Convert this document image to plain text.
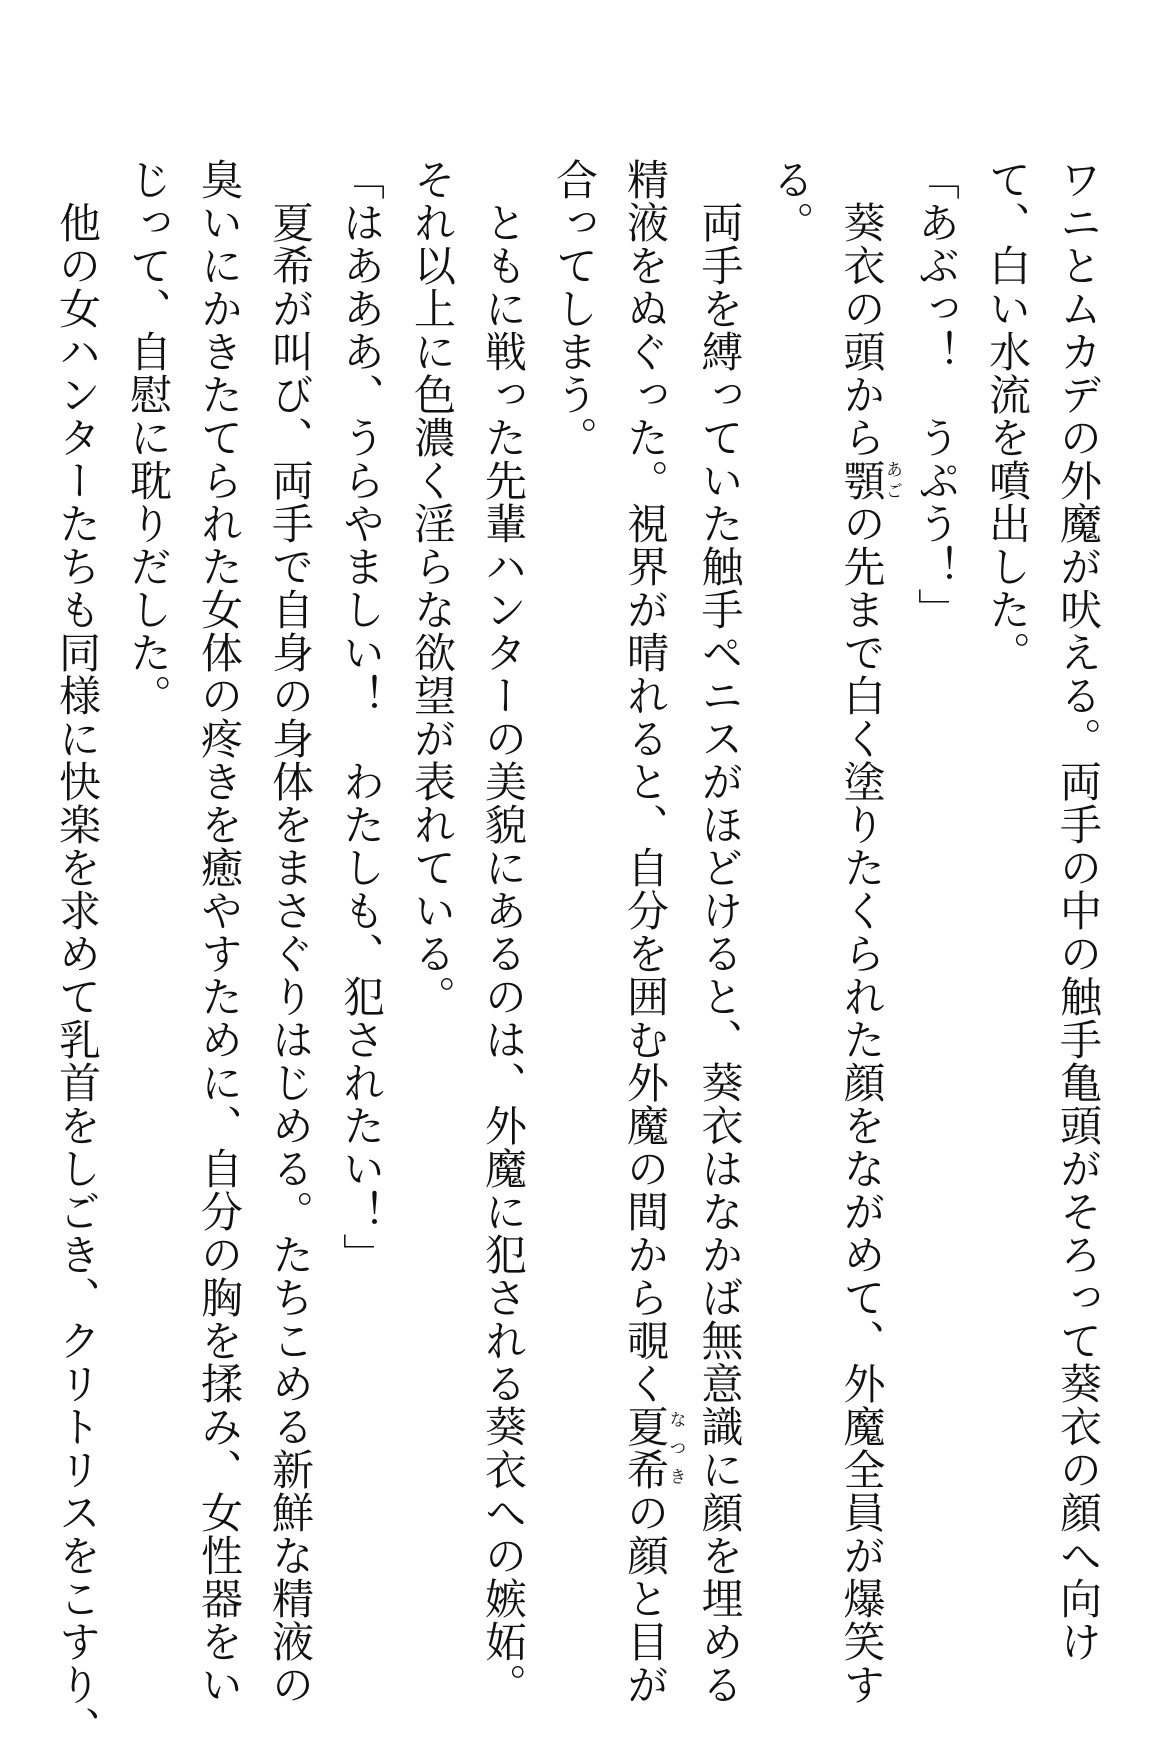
ワニとムカデの外魔が吠える。両手の中の触手亀頭がそろって葵衣の顔へ向け
て、白い水流を噴出した。
「あぶっ！　うぷう！」
　葵衣の頭から顎あごの先まで白く塗りたくられた顔をながめて、外魔全員が爆笑す
る。
　両手を縛っていた触手ペニスがほどけると、葵衣はなかば無意識に顔を埋める
精液をぬぐった。視界が晴れると、自分を囲む外魔の間から覗く夏希なつきの顔と目が
合ってしまう。
　ともに戦った先輩ハンターの美貌にあるのは、外魔に犯される葵衣への嫉妬。
それ以上に色濃く淫らな欲望が表れている。
「はあああ、うらやましい！　わたしも、犯されたい！」
　夏希が叫び、両手で自身の身体をまさぐりはじめる。たちこめる新鮮な精液の
臭いにかきたてられた女体の疼きを癒やすために、自分の胸を揉み、女性器をい
じって、自慰に耽りだした。
　他の女ハンターたちも同様に快楽を求めて乳首をしごき、クリトリスをこすり、
